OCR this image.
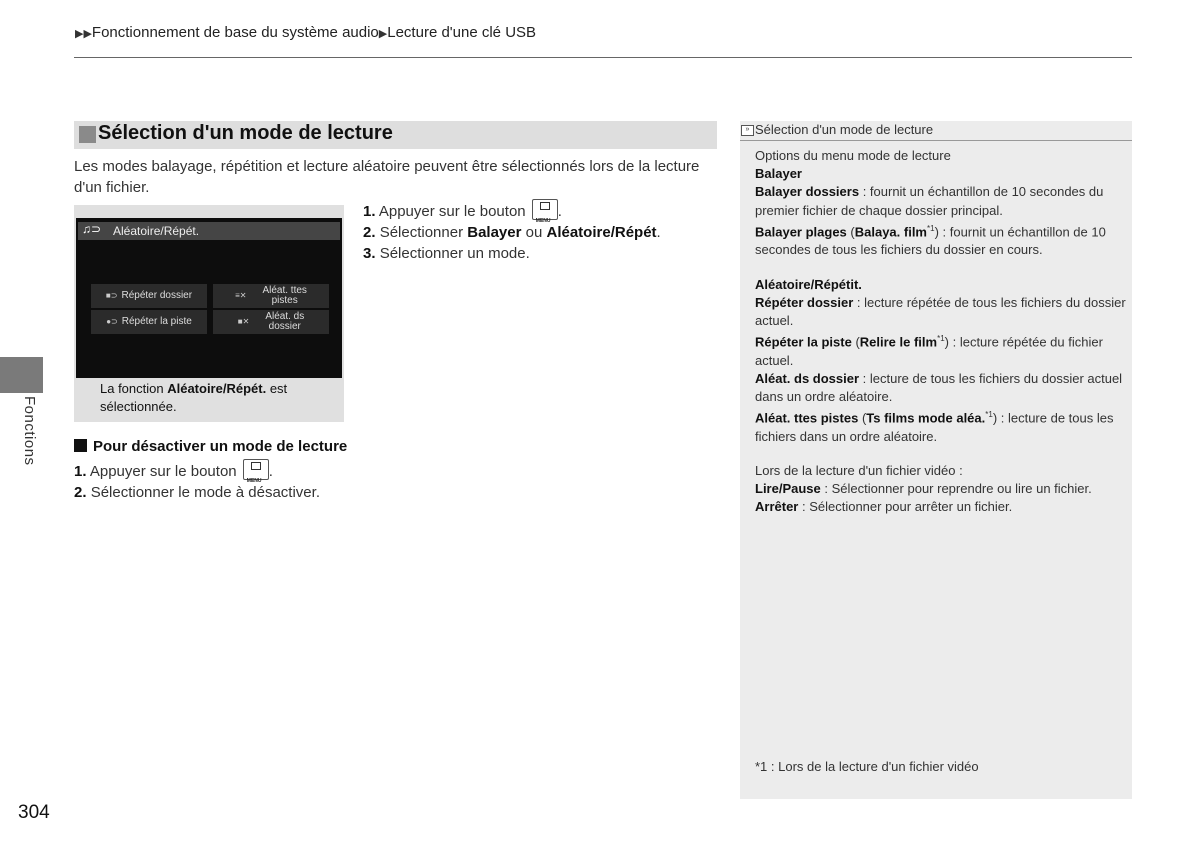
▶▶Fonctionnement de base du système audio▶Lecture d'une clé USB
Sélection d'un mode de lecture
Les modes balayage, répétition et lecture aléatoire peuvent être sélectionnés lors de la lecture d'un fichier.
♫⊃ Aléatoire/Répét.
■⊃ Répéter dossier
●⊃ Répéter la piste
≡✕ Aléat. ttes
pistes
■✕ Aléat. ds
dossier
La fonction Aléatoire/Répét. est sélectionnée.
1. Appuyer sur le bouton
MENU
.
2. Sélectionner Balayer ou Aléatoire/Répét.
3. Sélectionner un mode.
Pour désactiver un mode de lecture
1. Appuyer sur le bouton
MENU
.
2. Sélectionner le mode à désactiver.
Fonctions
304
» Sélection d'un mode de lecture
Options du menu mode de lecture
Balayer
Balayer dossiers : fournit un échantillon de 10 secondes du premier fichier de chaque dossier principal.
Balayer plages (Balaya. film$^{*1}$) : fournit un échantillon de 10 secondes de tous les fichiers du dossier en cours.
Aléatoire/Répétit.
Répéter dossier : lecture répétée de tous les fichiers du dossier actuel.
Répéter la piste (Relire le film$^{*1}$) : lecture répétée du fichier actuel.
Aléat. ds dossier : lecture de tous les fichiers du dossier actuel dans un ordre aléatoire.
Aléat. ttes pistes (Ts films mode aléa.$^{*1}$) : lecture de tous les fichiers dans un ordre aléatoire.
Lors de la lecture d'un fichier vidéo :
Lire/Pause : Sélectionner pour reprendre ou lire un fichier.
Arrêter : Sélectionner pour arrêter un fichier.
*1 : Lors de la lecture d'un fichier vidéo
